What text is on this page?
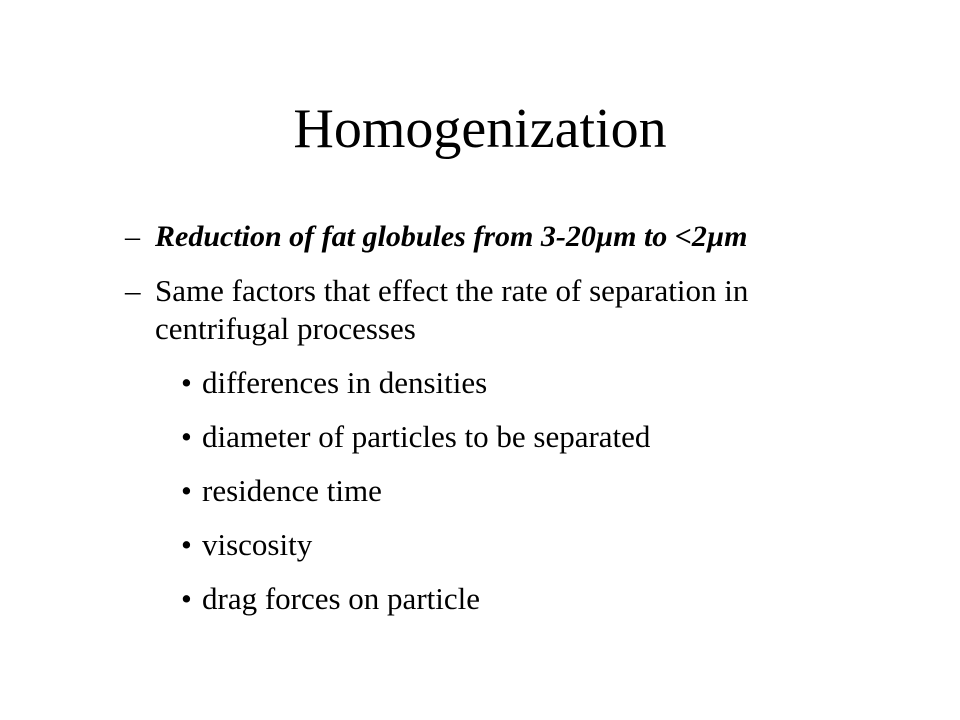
Homogenization
– Reduction of fat globules from 3-20µm to <2µm
– Same factors that effect the rate of separation in centrifugal processes
• differences in densities
• diameter of particles to be separated
• residence time
• viscosity
• drag forces on particle
